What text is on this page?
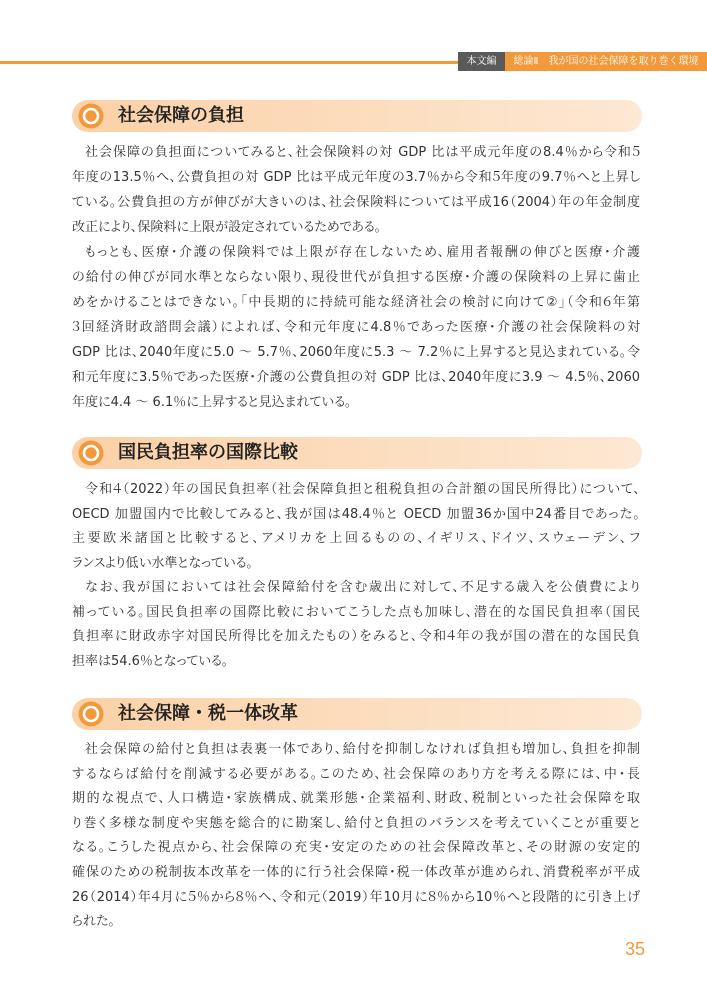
本文編	総論Ⅱ　我が国の社会保障を取り巻く環境
社会保障の負担
社会保障の負担面についてみると、社会保険料の対 GDP 比は平成元年度の8.4％から令和５
年度の13.5％へ、公費負担の対 GDP 比は平成元年度の3.7％から令和５年度の9.7％へと上昇し
ている。公費負担の方が伸びが大きいのは、社会保険料については平成16（2004）年の年金制度
改正により、保険料に上限が設定されているためである。
もっとも、医療・介護の保険料では上限が存在しないため、雇用者報酬の伸びと医療・介護
の給付の伸びが同水準とならない限り、現役世代が負担する医療・介護の保険料の上昇に歯止
めをかけることはできない。「中長期的に持続可能な経済社会の検討に向けて②」（令和６年第
３回経済財政諮問会議）によれば、令和元年度に4.8％であった医療・介護の社会保険料の対
GDP 比は、2040年度に5.0 ～ 5.7％、2060年度に5.3 ～ 7.2％に上昇すると見込まれている。令
和元年度に3.5％であった医療・介護の公費負担の対 GDP 比は、2040年度に3.9 ～ 4.5％、2060
年度に4.4 ～ 6.1％に上昇すると見込まれている。
国民負担率の国際比較
令和４（2022）年の国民負担率（社会保障負担と租税負担の合計額の国民所得比）について、
OECD 加盟国内で比較してみると、我が国は48.4％と OECD 加盟36か国中24番目であった。
主要欧米諸国と比較すると、アメリカを上回るものの、イギリス、ドイツ、スウェーデン、フ
ランスより低い水準となっている。
なお、我が国においては社会保障給付を含む歳出に対して、不足する歳入を公債費により
補っている。国民負担率の国際比較においてこうした点も加味し、潜在的な国民負担率（国民
負担率に財政赤字対国民所得比を加えたもの）をみると、令和４年の我が国の潜在的な国民負
担率は54.6％となっている。
社会保障・税一体改革
社会保障の給付と負担は表裏一体であり、給付を抑制しなければ負担も増加し、負担を抑制
するならば給付を削減する必要がある。このため、社会保障のあり方を考える際には、中・長
期的な視点で、人口構造・家族構成、就業形態・企業福利、財政、税制といった社会保障を取
り巻く多様な制度や実態を総合的に勘案し、給付と負担のバランスを考えていくことが重要と
なる。こうした視点から、社会保障の充実・安定のための社会保障改革と、その財源の安定的
確保のための税制抜本改革を一体的に行う社会保障・税一体改革が進められ、消費税率が平成
26（2014）年４月に５％から８％へ、令和元（2019）年10月に８％から10％へと段階的に引き上げ
られた。
35
